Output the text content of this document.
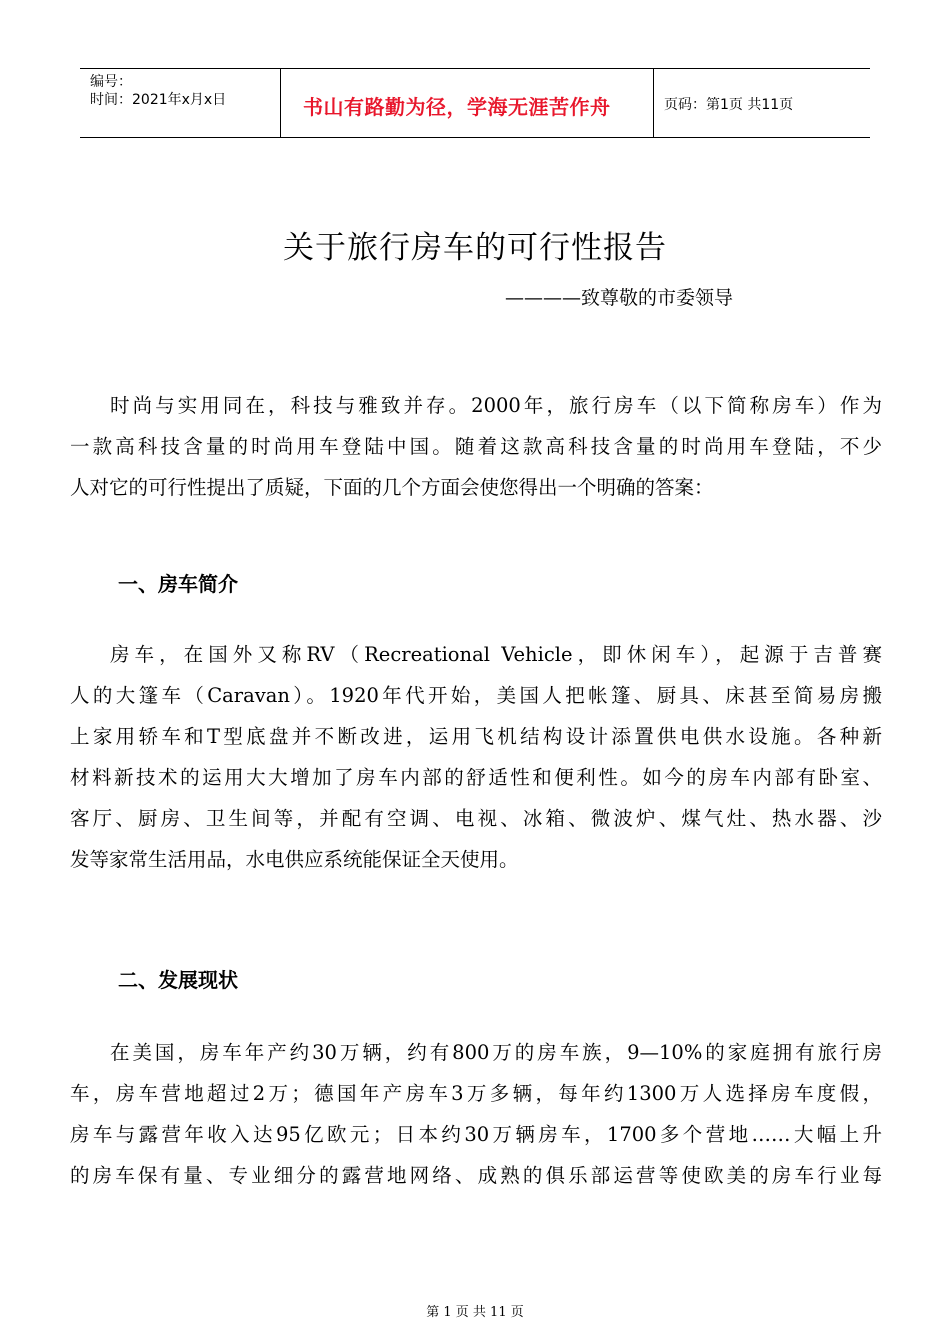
编号：
时间：2021年x月x日	书山有路勤为径，学海无涯苦作舟	页码：第1页 共11页
关于旅行房车的可行性报告
————致尊敬的市委领导
时尚与实用同在，科技与雅致并存。2000年，旅行房车（以下简称房车）作为
一款高科技含量的时尚用车登陆中国。随着这款高科技含量的时尚用车登陆，不少
人对它的可行性提出了质疑，下面的几个方面会使您得出一个明确的答案：
一、房车简介
房车，在国外又称RV（Recreational Vehicle，即休闲车），起源于吉普赛
人的大篷车（Caravan）。1920年代开始，美国人把帐篷、厨具、床甚至简易房搬
上家用轿车和T型底盘并不断改进，运用飞机结构设计添置供电供水设施。各种新
材料新技术的运用大大增加了房车内部的舒适性和便利性。如今的房车内部有卧室、
客厅、厨房、卫生间等，并配有空调、电视、冰箱、微波炉、煤气灶、热水器、沙
发等家常生活用品，水电供应系统能保证全天使用。
二、发展现状
在美国，房车年产约30万辆，约有800万的房车族，9—10%的家庭拥有旅行房
车，房车营地超过2万；德国年产房车3万多辆，每年约1300万人选择房车度假，
房车与露营年收入达95亿欧元；日本约30万辆房车，1700多个营地……大幅上升
的房车保有量、专业细分的露营地网络、成熟的俱乐部运营等使欧美的房车行业每
第 1 页 共 11 页
